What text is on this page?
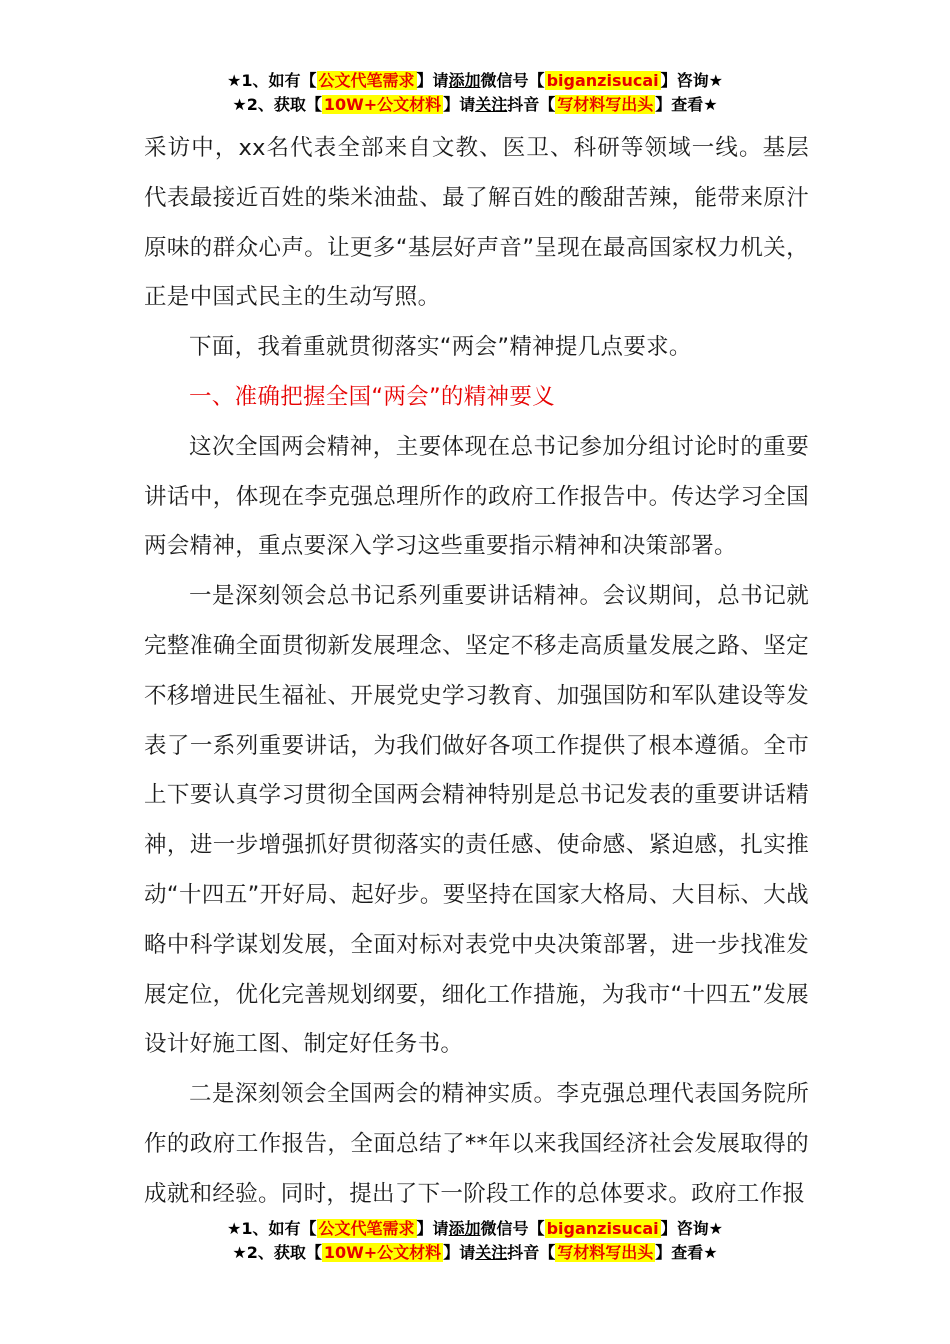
★1、如有【 公文代笔需求 】请添加微信号【 biganzisucai 】咨询★
★2、获取【 10W+公文材料 】请关注抖音【 写材料写出头 】查看★

采访中，xx名代表全部来自文教、医卫、科研等领域一线。基层代表最接近百姓的柴米油盐、最了解百姓的酸甜苦辣，能带来原汁原味的群众心声。让更多“基层好声音”呈现在最高国家权力机关，正是中国式民主的生动写照。

下面，我着重就贯彻落实“两会”精神提几点要求。

一、准确把握全国“两会”的精神要义

这次全国两会精神，主要体现在总书记参加分组讨论时的重要讲话中，体现在李克强总理所作的政府工作报告中。传达学习全国两会精神，重点要深入学习这些重要指示精神和决策部署。

一是深刻领会总书记系列重要讲话精神。会议期间，总书记就完整准确全面贯彻新发展理念、坚定不移走高质量发展之路、坚定不移增进民生福祉、开展党史学习教育、加强国防和军队建设等发表了一系列重要讲话，为我们做好各项工作提供了根本遵循。全市上下要认真学习贯彻全国两会精神特别是总书记发表的重要讲话精神，进一步增强抓好贯彻落实的责任感、使命感、紧迫感，扎实推动“十四五”开好局、起好步。要坚持在国家大格局、大目标、大战略中科学谋划发展，全面对标对表党中央决策部署，进一步找准发展定位，优化完善规划纲要，细化工作措施，为我市“十四五”发展设计好施工图、制定好任务书。

二是深刻领会全国两会的精神实质。李克强总理代表国务院所作的政府工作报告，全面总结了**年以来我国经济社会发展取得的成就和经验。同时，提出了下一阶段工作的总体要求。政府工作报

★1、如有【 公文代笔需求 】请添加微信号【 biganzisucai 】咨询★
★2、获取【 10W+公文材料 】请关注抖音【 写材料写出头 】查看★
